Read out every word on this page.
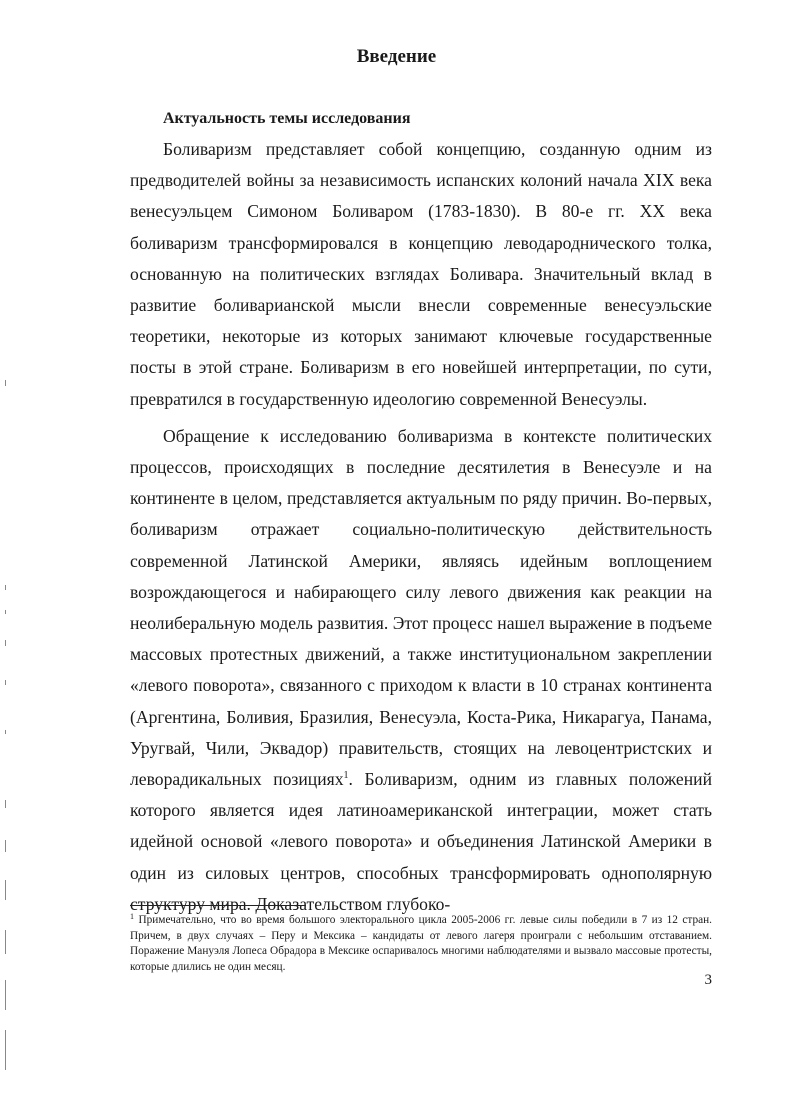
Введение
Актуальность темы исследования

Боливаризм представляет собой концепцию, созданную одним из предводителей войны за независимость испанских колоний начала XIX века венесуэльцем Симоном Боливаром (1783-1830). В 80-е гг. XX века боливаризм трансформировался в концепцию леводароднического толка, основанную на политических взглядах Боливара. Значительный вклад в развитие боливарианской мысли внесли современные венесуэльские теоретики, некоторые из которых занимают ключевые государственные посты в этой стране. Боливаризм в его новейшей интерпретации, по сути, превратился в государственную идеологию современной Венесуэлы.

Обращение к исследованию боливаризма в контексте политических процессов, происходящих в последние десятилетия в Венесуэле и на континенте в целом, представляется актуальным по ряду причин. Во-первых, боливаризм отражает социально-политическую действительность современной Латинской Америки, являясь идейным воплощением возрождающегося и набирающего силу левого движения как реакции на неолиберальную модель развития. Этот процесс нашел выражение в подъеме массовых протестных движений, а также институциональном закреплении «левого поворота», связанного с приходом к власти в 10 странах континента (Аргентина, Боливия, Бразилия, Венесуэла, Коста-Рика, Никарагуа, Панама, Уругвай, Чили, Эквадор) правительств, стоящих на левоцентристских и леворадикальных позициях$^1$. Боливаризм, одним из главных положений которого является идея латиноамериканской интеграции, может стать идейной основой «левого поворота» и объединения Латинской Америки в один из силовых центров, способных трансформировать однополярную структуру мира. Доказательством глубоко-

$^1$ Примечательно, что во время большого электорального цикла 2005-2006 гг. левые силы победили в 7 из 12 стран. Причем, в двух случаях – Перу и Мексика – кандидаты от левого лагеря проиграли с небольшим отставанием. Поражение Мануэля Лопеса Обрадора в Мексике оспаривалось многими наблюдателями и вызвало массовые протесты, которые длились не один месяц.
3
